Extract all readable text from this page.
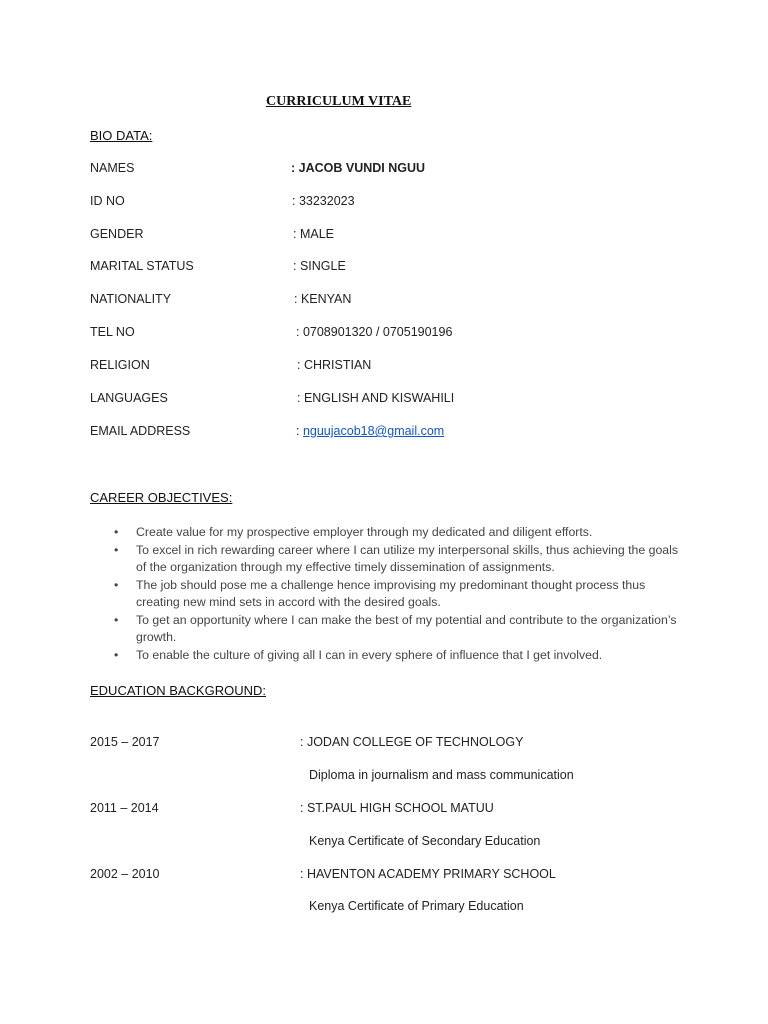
CURRICULUM VITAE
BIO DATA:
NAMES	: JACOB VUNDI NGUU
ID NO	: 33232023
GENDER	: MALE
MARITAL STATUS	: SINGLE
NATIONALITY	: KENYAN
TEL NO	: 0708901320 / 0705190196
RELIGION	: CHRISTIAN
LANGUAGES	: ENGLISH AND KISWAHILI
EMAIL ADDRESS	: nguujacob18@gmail.com
CAREER OBJECTIVES:
• Create value for my prospective employer through my dedicated and diligent efforts.
• To excel in rich rewarding career where I can utilize my interpersonal skills, thus achieving the goals of the organization through my effective timely dissemination of assignments.
• The job should pose me a challenge hence improvising my predominant thought process thus creating new mind sets in accord with the desired goals.
• To get an opportunity where I can make the best of my potential and contribute to the organization’s growth.
• To enable the culture of giving all I can in every sphere of influence that I get involved.
EDUCATION BACKGROUND:
2015 – 2017	: JODAN COLLEGE OF TECHNOLOGY
Diploma in journalism and mass communication
2011 – 2014	: ST.PAUL HIGH SCHOOL MATUU
Kenya Certificate of Secondary Education
2002 – 2010	: HAVENTON ACADEMY PRIMARY SCHOOL
Kenya Certificate of Primary Education
